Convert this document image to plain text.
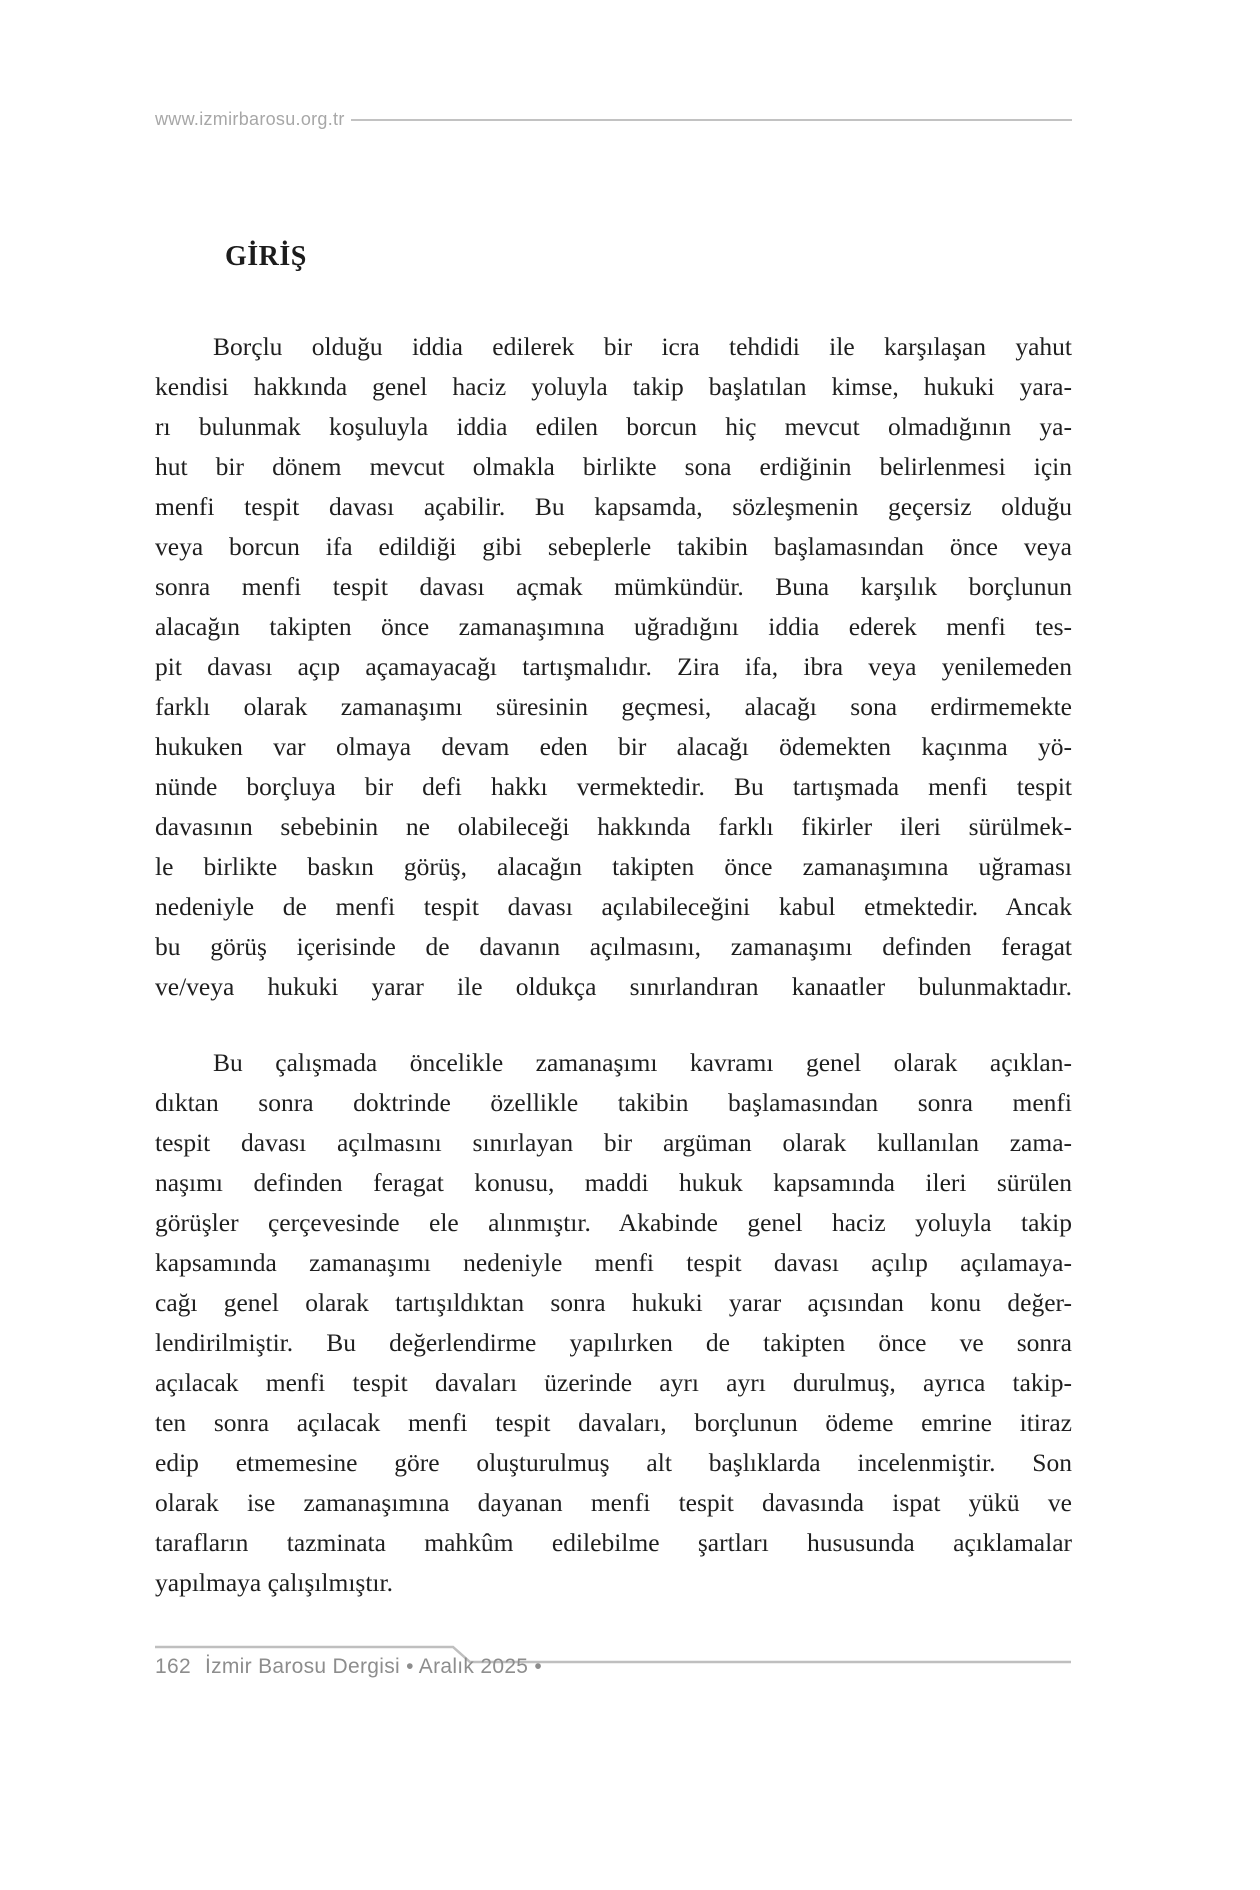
www.izmirbarosu.org.tr
GİRİŞ
Borçlu olduğu iddia edilerek bir icra tehdidi ile karşılaşan yahut
kendisi hakkında genel haciz yoluyla takip başlatılan kimse, hukuki yara-
rı bulunmak koşuluyla iddia edilen borcun hiç mevcut olmadığının ya-
hut bir dönem mevcut olmakla birlikte sona erdiğinin belirlenmesi için
menfi tespit davası açabilir. Bu kapsamda, sözleşmenin geçersiz olduğu
veya borcun ifa edildiği gibi sebeplerle takibin başlamasından önce veya
sonra menfi tespit davası açmak mümkündür. Buna karşılık borçlunun
alacağın takipten önce zamanaşımına uğradığını iddia ederek menfi tes-
pit davası açıp açamayacağı tartışmalıdır. Zira ifa, ibra veya yenilemeden
farklı olarak zamanaşımı süresinin geçmesi, alacağı sona erdirmemekte
hukuken var olmaya devam eden bir alacağı ödemekten kaçınma yö-
nünde borçluya bir defi hakkı vermektedir. Bu tartışmada menfi tespit
davasının sebebinin ne olabileceği hakkında farklı fikirler ileri sürülmek-
le birlikte baskın görüş, alacağın takipten önce zamanaşımına uğraması
nedeniyle de menfi tespit davası açılabileceğini kabul etmektedir. Ancak
bu görüş içerisinde de davanın açılmasını, zamanaşımı definden feragat
ve/veya hukuki yarar ile oldukça sınırlandıran kanaatler bulunmaktadır.
Bu çalışmada öncelikle zamanaşımı kavramı genel olarak açıklan-
dıktan sonra doktrinde özellikle takibin başlamasından sonra menfi
tespit davası açılmasını sınırlayan bir argüman olarak kullanılan zama-
naşımı definden feragat konusu, maddi hukuk kapsamında ileri sürülen
görüşler çerçevesinde ele alınmıştır. Akabinde genel haciz yoluyla takip
kapsamında zamanaşımı nedeniyle menfi tespit davası açılıp açılamaya-
cağı genel olarak tartışıldıktan sonra hukuki yarar açısından konu değer-
lendirilmiştir. Bu değerlendirme yapılırken de takipten önce ve sonra
açılacak menfi tespit davaları üzerinde ayrı ayrı durulmuş, ayrıca takip-
ten sonra açılacak menfi tespit davaları, borçlunun ödeme emrine itiraz
edip etmemesine göre oluşturulmuş alt başlıklarda incelenmiştir. Son
olarak ise zamanaşımına dayanan menfi tespit davasında ispat yükü ve
tarafların tazminata mahkûm edilebilme şartları hususunda açıklamalar
yapılmaya çalışılmıştır.
162 İzmir Barosu Dergisi • Aralık 2025 •
